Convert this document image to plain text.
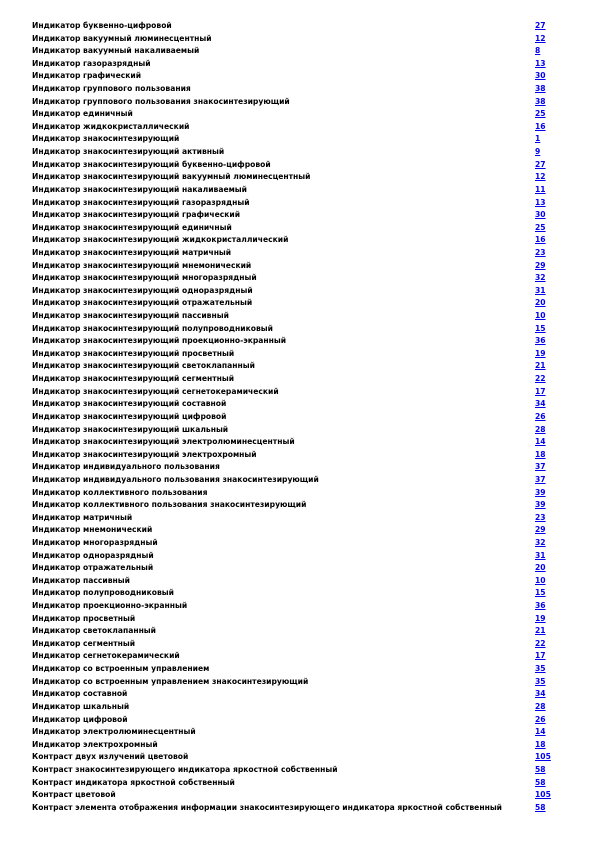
Индикатор буквенно-цифровой	27
Индикатор вакуумный люминесцентный	12
Индикатор вакуумный накаливаемый	8
Индикатор газоразрядный	13
Индикатор графический	30
Индикатор группового пользования	38
Индикатор группового пользования знакосинтезирующий	38
Индикатор единичный	25
Индикатор жидкокристаллический	16
Индикатор знакосинтезирующий	1
Индикатор знакосинтезирующий активный	9
Индикатор знакосинтезирующий буквенно-цифровой	27
Индикатор знакосинтезирующий вакуумный люминесцентный	12
Индикатор знакосинтезирующий накаливаемый	11
Индикатор знакосинтезирующий газоразрядный	13
Индикатор знакосинтезирующий графический	30
Индикатор знакосинтезирующий единичный	25
Индикатор знакосинтезирующий жидкокристаллический	16
Индикатор знакосинтезирующий матричный	23
Индикатор знакосинтезирующий мнемонический	29
Индикатор знакосинтезирующий многоразрядный	32
Индикатор знакосинтезирующий одноразрядный	31
Индикатор знакосинтезирующий отражательный	20
Индикатор знакосинтезирующий пассивный	10
Индикатор знакосинтезирующий полупроводниковый	15
Индикатор знакосинтезирующий проекционно-экранный	36
Индикатор знакосинтезирующий просветный	19
Индикатор знакосинтезирующий светоклапанный	21
Индикатор знакосинтезирующий сегментный	22
Индикатор знакосинтезирующий сегнетокерамический	17
Индикатор знакосинтезирующий составной	34
Индикатор знакосинтезирующий цифровой	26
Индикатор знакосинтезирующий шкальный	28
Индикатор знакосинтезирующий электролюминесцентный	14
Индикатор знакосинтезирующий электрохромный	18
Индикатор индивидуального пользования	37
Индикатор индивидуального пользования знакосинтезирующий	37
Индикатор коллективного пользования	39
Индикатор коллективного пользования знакосинтезирующий	39
Индикатор матричный	23
Индикатор мнемонический	29
Индикатор многоразрядный	32
Индикатор одноразрядный	31
Индикатор отражательный	20
Индикатор пассивный	10
Индикатор полупроводниковый	15
Индикатор проекционно-экранный	36
Индикатор просветный	19
Индикатор светоклапанный	21
Индикатор сегментный	22
Индикатор сегнетокерамический	17
Индикатор со встроенным управлением	35
Индикатор со встроенным управлением знакосинтезирующий	35
Индикатор составной	34
Индикатор шкальный	28
Индикатор цифровой	26
Индикатор электролюминесцентный	14
Индикатор электрохромный	18
Контраст двух излучений цветовой	105
Контраст знакосинтезирующего индикатора яркостной собственный	58
Контраст индикатора яркостной собственный	58
Контраст цветовой	105
Контраст элемента отображения информации знакосинтезирующего индикатора яркостной собственный	58
